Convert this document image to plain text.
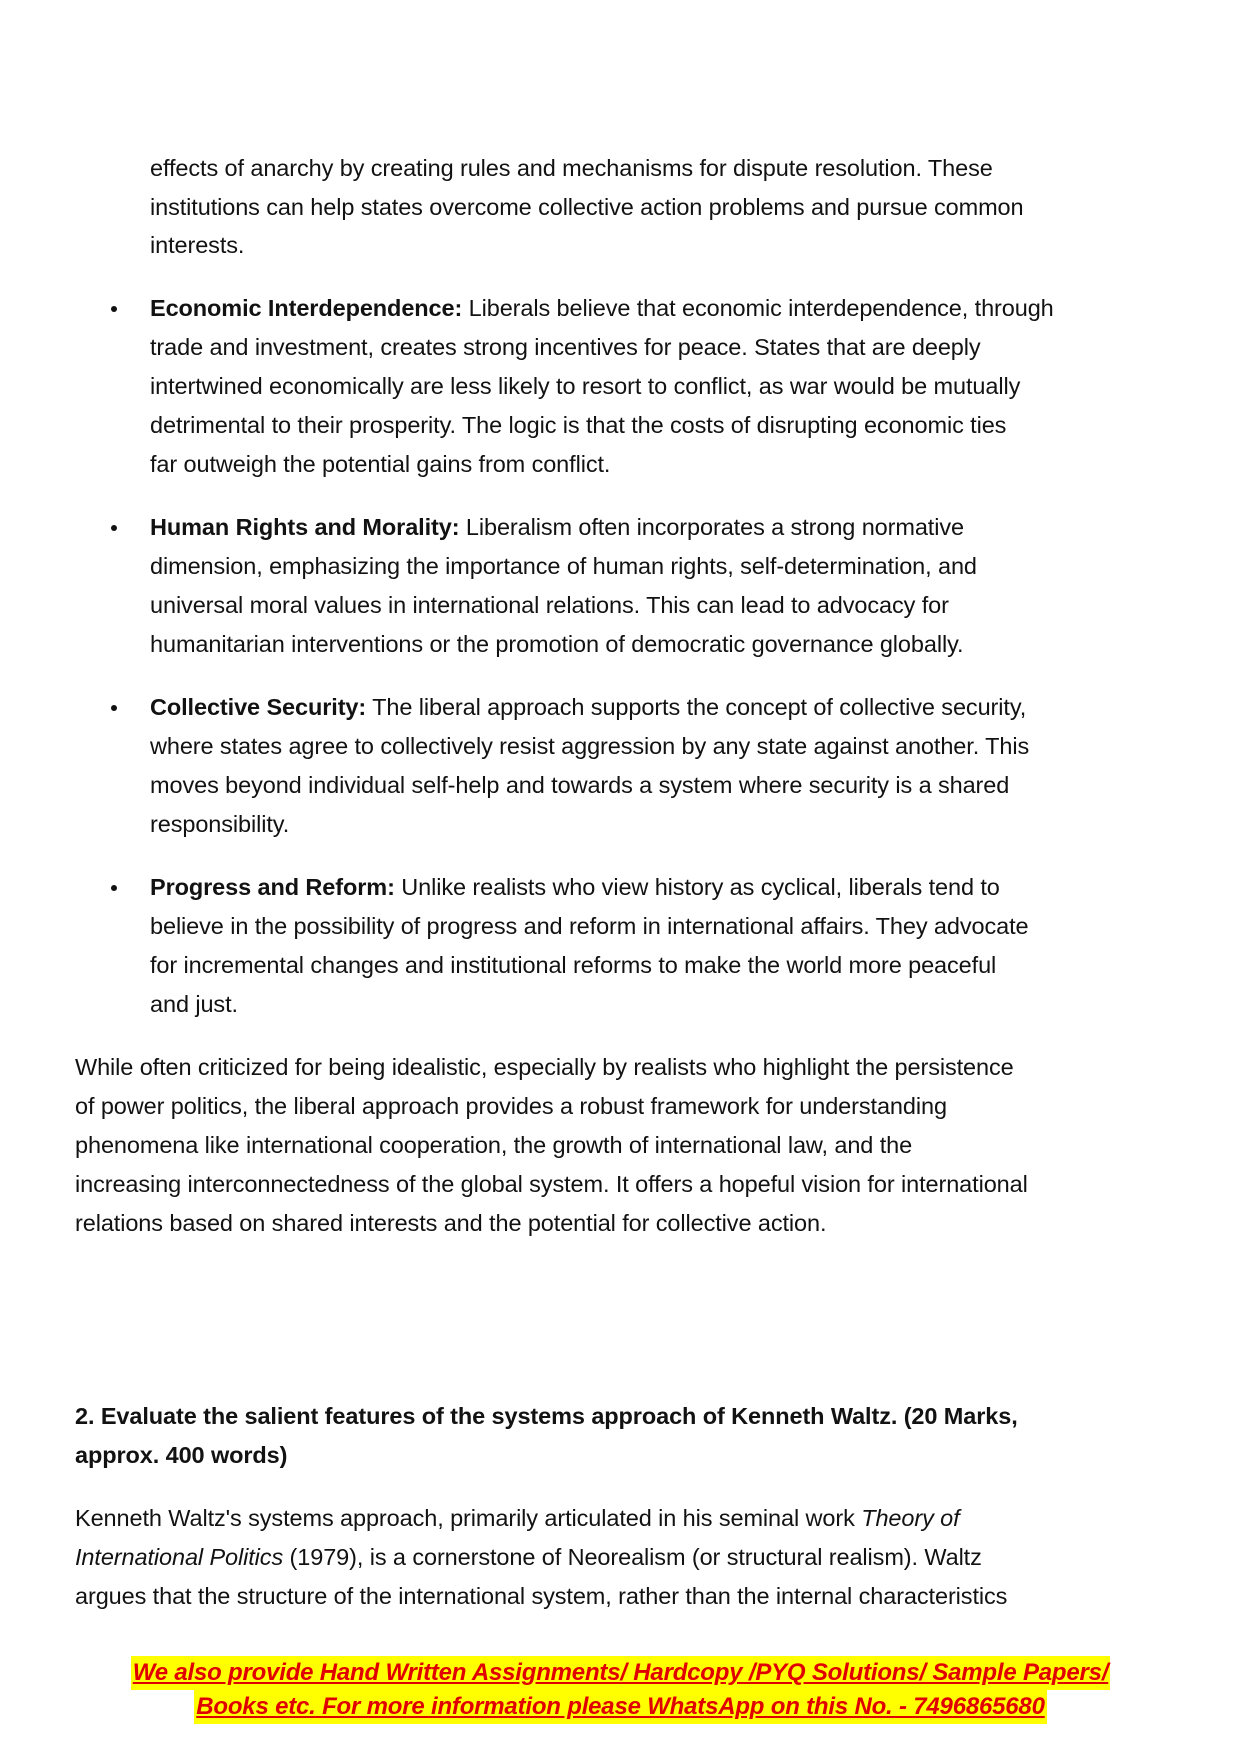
effects of anarchy by creating rules and mechanisms for dispute resolution. These
institutions can help states overcome collective action problems and pursue common
interests.
Economic Interdependence: Liberals believe that economic interdependence, through
trade and investment, creates strong incentives for peace. States that are deeply
intertwined economically are less likely to resort to conflict, as war would be mutually
detrimental to their prosperity. The logic is that the costs of disrupting economic ties
far outweigh the potential gains from conflict.
Human Rights and Morality: Liberalism often incorporates a strong normative
dimension, emphasizing the importance of human rights, self-determination, and
universal moral values in international relations. This can lead to advocacy for
humanitarian interventions or the promotion of democratic governance globally.
Collective Security: The liberal approach supports the concept of collective security,
where states agree to collectively resist aggression by any state against another. This
moves beyond individual self-help and towards a system where security is a shared
responsibility.
Progress and Reform: Unlike realists who view history as cyclical, liberals tend to
believe in the possibility of progress and reform in international affairs. They advocate
for incremental changes and institutional reforms to make the world more peaceful
and just.
While often criticized for being idealistic, especially by realists who highlight the persistence
of power politics, the liberal approach provides a robust framework for understanding
phenomena like international cooperation, the growth of international law, and the
increasing interconnectedness of the global system. It offers a hopeful vision for international
relations based on shared interests and the potential for collective action.
2. Evaluate the salient features of the systems approach of Kenneth Waltz. (20 Marks,
approx. 400 words)
Kenneth Waltz's systems approach, primarily articulated in his seminal work Theory of
International Politics (1979), is a cornerstone of Neorealism (or structural realism). Waltz
argues that the structure of the international system, rather than the internal characteristics
We also provide Hand Written Assignments/ Hardcopy /PYQ Solutions/ Sample Papers/
Books etc. For more information please WhatsApp on this No. - 7496865680
